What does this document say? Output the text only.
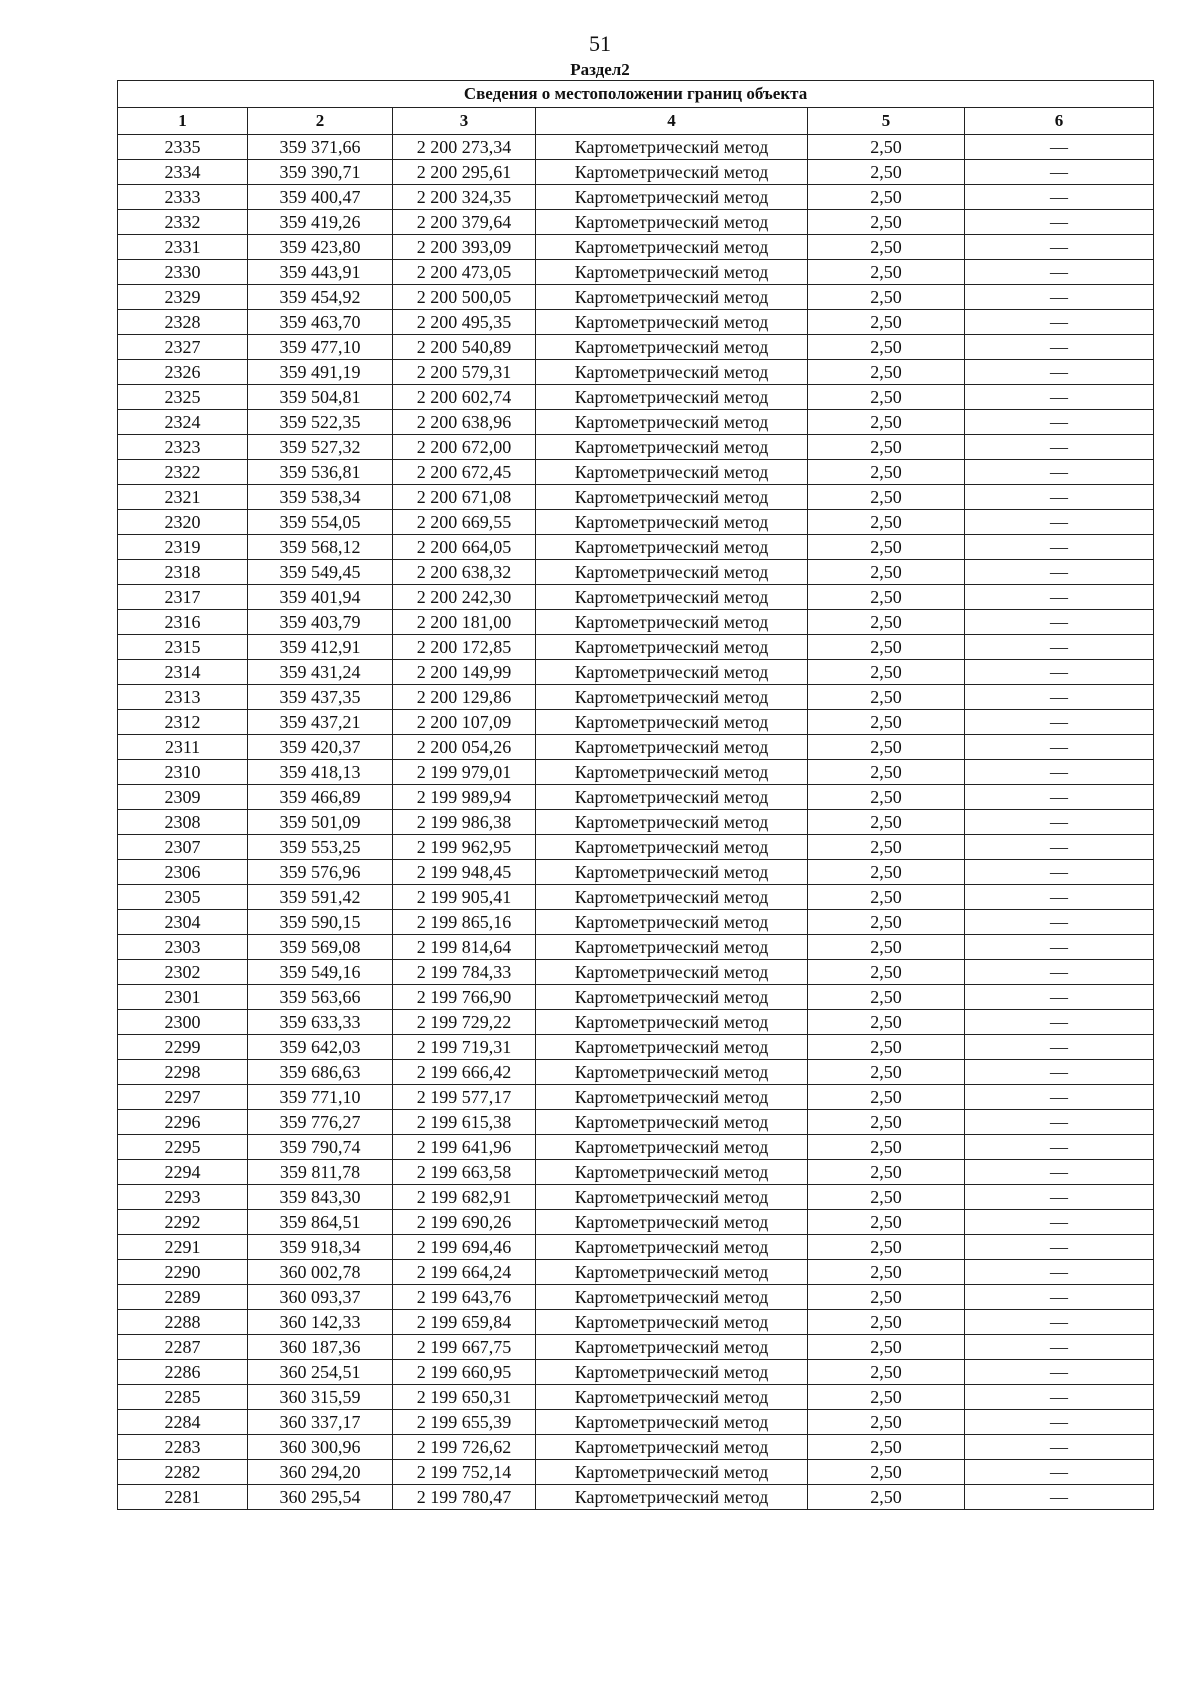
51
Раздел2
Сведения о местоположении границ объекта					
1	2	3	4	5	6
2335	359 371,66	2 200 273,34	Картометрический метод	2,50	—
2334	359 390,71	2 200 295,61	Картометрический метод	2,50	—
2333	359 400,47	2 200 324,35	Картометрический метод	2,50	—
2332	359 419,26	2 200 379,64	Картометрический метод	2,50	—
2331	359 423,80	2 200 393,09	Картометрический метод	2,50	—
2330	359 443,91	2 200 473,05	Картометрический метод	2,50	—
2329	359 454,92	2 200 500,05	Картометрический метод	2,50	—
2328	359 463,70	2 200 495,35	Картометрический метод	2,50	—
2327	359 477,10	2 200 540,89	Картометрический метод	2,50	—
2326	359 491,19	2 200 579,31	Картометрический метод	2,50	—
2325	359 504,81	2 200 602,74	Картометрический метод	2,50	—
2324	359 522,35	2 200 638,96	Картометрический метод	2,50	—
2323	359 527,32	2 200 672,00	Картометрический метод	2,50	—
2322	359 536,81	2 200 672,45	Картометрический метод	2,50	—
2321	359 538,34	2 200 671,08	Картометрический метод	2,50	—
2320	359 554,05	2 200 669,55	Картометрический метод	2,50	—
2319	359 568,12	2 200 664,05	Картометрический метод	2,50	—
2318	359 549,45	2 200 638,32	Картометрический метод	2,50	—
2317	359 401,94	2 200 242,30	Картометрический метод	2,50	—
2316	359 403,79	2 200 181,00	Картометрический метод	2,50	—
2315	359 412,91	2 200 172,85	Картометрический метод	2,50	—
2314	359 431,24	2 200 149,99	Картометрический метод	2,50	—
2313	359 437,35	2 200 129,86	Картометрический метод	2,50	—
2312	359 437,21	2 200 107,09	Картометрический метод	2,50	—
2311	359 420,37	2 200 054,26	Картометрический метод	2,50	—
2310	359 418,13	2 199 979,01	Картометрический метод	2,50	—
2309	359 466,89	2 199 989,94	Картометрический метод	2,50	—
2308	359 501,09	2 199 986,38	Картометрический метод	2,50	—
2307	359 553,25	2 199 962,95	Картометрический метод	2,50	—
2306	359 576,96	2 199 948,45	Картометрический метод	2,50	—
2305	359 591,42	2 199 905,41	Картометрический метод	2,50	—
2304	359 590,15	2 199 865,16	Картометрический метод	2,50	—
2303	359 569,08	2 199 814,64	Картометрический метод	2,50	—
2302	359 549,16	2 199 784,33	Картометрический метод	2,50	—
2301	359 563,66	2 199 766,90	Картометрический метод	2,50	—
2300	359 633,33	2 199 729,22	Картометрический метод	2,50	—
2299	359 642,03	2 199 719,31	Картометрический метод	2,50	—
2298	359 686,63	2 199 666,42	Картометрический метод	2,50	—
2297	359 771,10	2 199 577,17	Картометрический метод	2,50	—
2296	359 776,27	2 199 615,38	Картометрический метод	2,50	—
2295	359 790,74	2 199 641,96	Картометрический метод	2,50	—
2294	359 811,78	2 199 663,58	Картометрический метод	2,50	—
2293	359 843,30	2 199 682,91	Картометрический метод	2,50	—
2292	359 864,51	2 199 690,26	Картометрический метод	2,50	—
2291	359 918,34	2 199 694,46	Картометрический метод	2,50	—
2290	360 002,78	2 199 664,24	Картометрический метод	2,50	—
2289	360 093,37	2 199 643,76	Картометрический метод	2,50	—
2288	360 142,33	2 199 659,84	Картометрический метод	2,50	—
2287	360 187,36	2 199 667,75	Картометрический метод	2,50	—
2286	360 254,51	2 199 660,95	Картометрический метод	2,50	—
2285	360 315,59	2 199 650,31	Картометрический метод	2,50	—
2284	360 337,17	2 199 655,39	Картометрический метод	2,50	—
2283	360 300,96	2 199 726,62	Картометрический метод	2,50	—
2282	360 294,20	2 199 752,14	Картометрический метод	2,50	—
2281	360 295,54	2 199 780,47	Картометрический метод	2,50	—
